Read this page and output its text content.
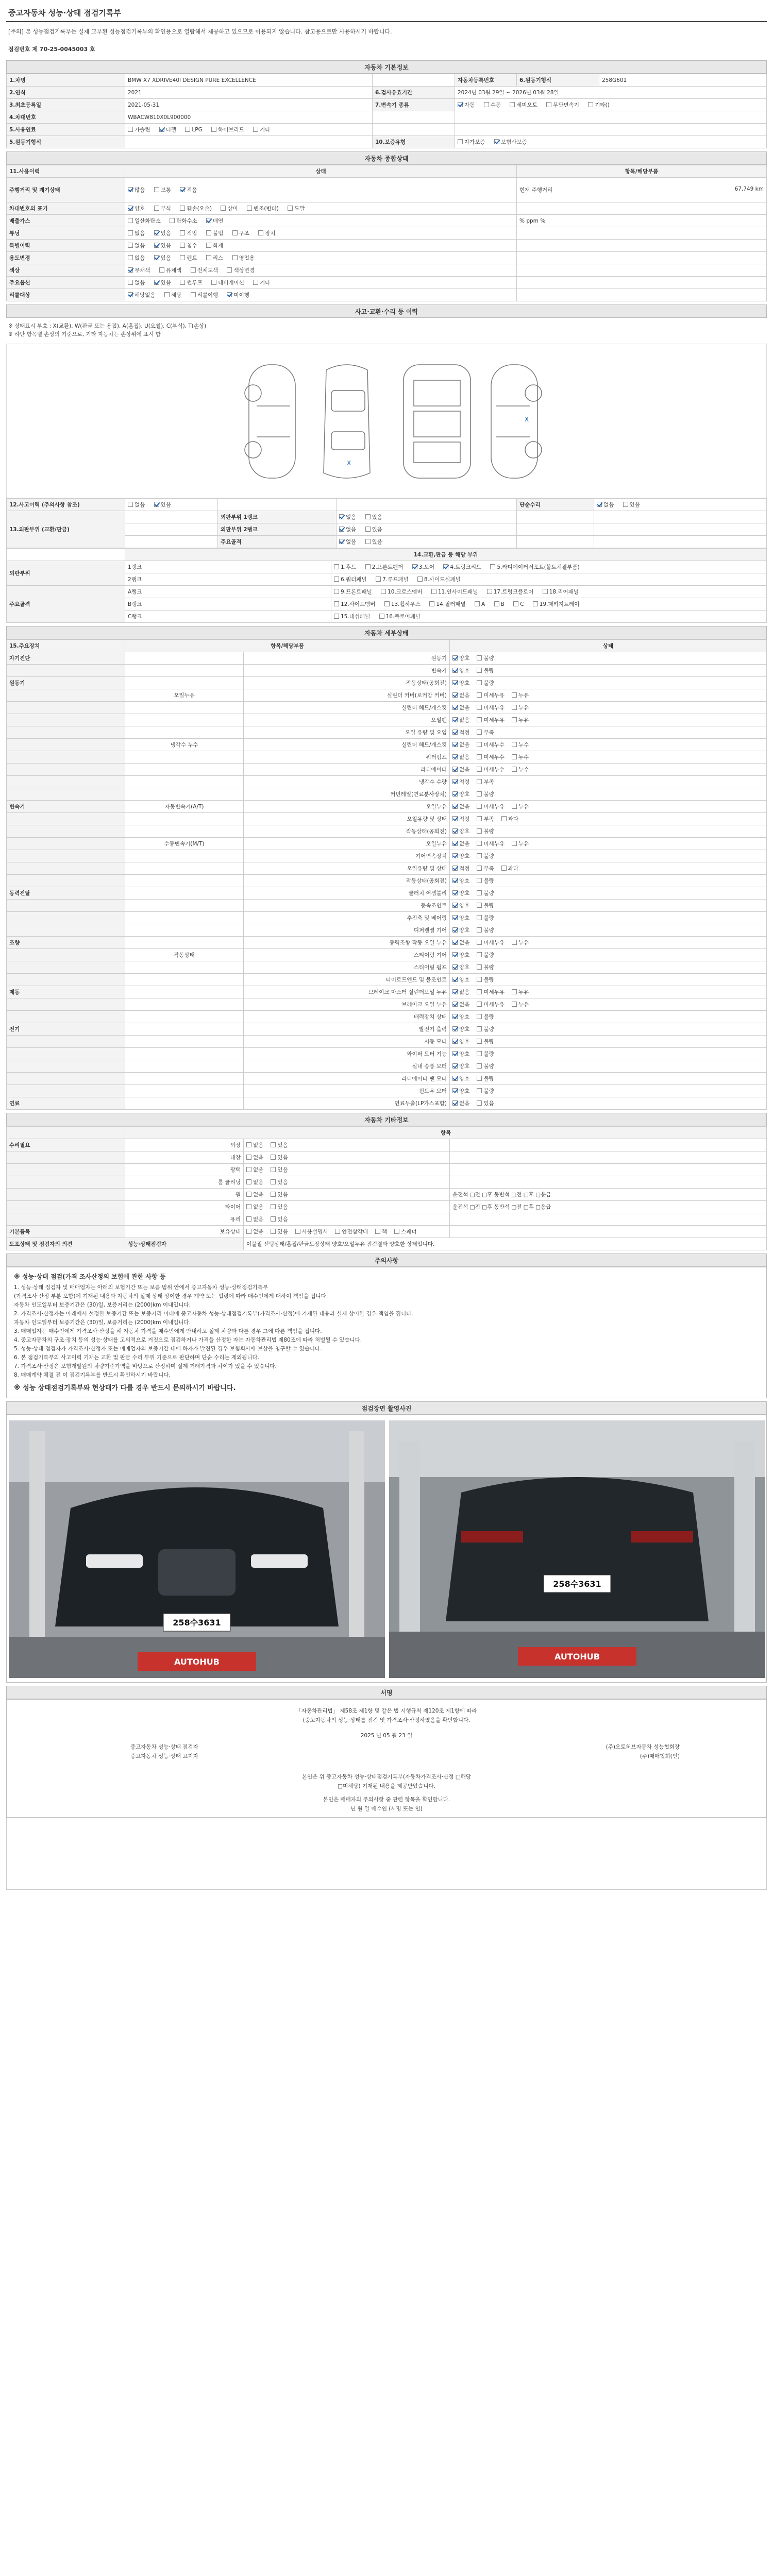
중고자동차 성능·상태 점검기록부
[주의] 본 성능점검기록부는 실제 교부된 성능점검기록부의 확인용으로 열람해서 제공하고 있으므로 이용되지 않습니다. 참고용으로만 사용하시기 바랍니다.
점검번호 제 70-25-0045003 호
자동차 기본정보
1.차명	BMW X7 XDRIVE40I DESIGN PURE EXCELLENCE		자동차등록번호	6.원동기형식	258G601
2.연식	2021	6.검사유효기간	2024년 03월 29일 ~ 2026년 03월 28일		
3.최초등록일	2021-05-31	7.변속기 종류	자동 수동 세미오토 무단변속기 기타()		
4.차대번호	WBACW810X0L900000				
5.사용연료	가솔린 디젤 LPG 하이브리드 기타				
5.원동기형식		10.보증유형	자가보증 보험사보증		
자동차 종합상태
11.사용이력	상태	항목/해당부품
주행거리 및 계기상태	많음 보통 적음	현재 주행거리 67,749 km

차대번호의 표기	양호 부식 훼손(오손) 상이 변조(변타) 도말	
배출가스	일산화탄소 탄화수소 매연	% ppm %
튜닝	없음 있음 적법 불법 구조 장치	
특별이력	없음 있음 침수 화재	
용도변경	없음 있음 렌트 리스 영업용	
색상	무채색 유채색 전체도색 색상변경	
주요옵션	없음 있음 썬루프 네비게이션 기타	
리콜대상	해당없음 해당 리콜이행 미이행	
사고·교환·수리 등 이력
※ 상태표시 부호 : X(교환), W(판금 또는 용접), A(흠집), U(요철), C(부식), T(손상)
※ 하단 항목별 손상의 기준으로, 기타 자동차는 손상위에 표시 함
X
X
12.사고이력 (주의사항 참조)	없음 있음			단순수리	없음 있음
13.외판부위 (교환/판금)		외판부위 1랭크	없음 있음		
		외판부위 2랭크	없음 있음		
		주요골격	없음 있음		
	14.교환,판금 등 해당 부위	
외판부위	1랭크	1.후드 2.프론트펜더 3.도어 4.트렁크리드 5.라디에이터서포트(볼트체결부품)
	2랭크	6.쿼터패널 7.루프패널 8.사이드실패널
주요골격	A랭크	9.프론트패널 10.크로스멤버 11.인사이드패널 17.트렁크플로어 18.리어패널
	B랭크	12.사이드멤버 13.휠하우스 14.필러패널 A B C 19.패키지트레이
	C랭크	15.대쉬패널 16.플로어패널
자동차 세부상태
15.주요장치	항목/해당부품		상태
자기진단		원동기	양호 불량
		변속기	양호 불량
원동기		작동상태(공회전)	양호 불량
	오일누유	실린더 커버(로커암 커버)	없음 미세누유 누유
		실린더 헤드/개스킷	없음 미세누유 누유
		오일팬	없음 미세누유 누유
		오일 유량 및 오염	적정 부족
	냉각수 누수	실린더 헤드/개스킷	없음 미세누수 누수
		워터펌프	없음 미세누수 누수
		라디에이터	없음 미세누수 누수
		냉각수 수량	적정 부족
		커먼레일(연료분사장치)	양호 불량
변속기	자동변속기(A/T)	오일누유	없음 미세누유 누유
		오일유량 및 상태	적정 부족 과다
		작동상태(공회전)	양호 불량
	수동변속기(M/T)	오일누유	없음 미세누유 누유
		기어변속장치	양호 불량
		오일유량 및 상태	적정 부족 과다
		작동상태(공회전)	양호 불량
동력전달		클러치 어셈블리	양호 불량
		등속조인트	양호 불량
		추진축 및 베어링	양호 불량
		디퍼렌셜 기어	양호 불량
조향		동력조향 작동 오일 누유	없음 미세누유 누유
	작동상태	스티어링 기어	양호 불량
		스티어링 펌프	양호 불량
		타이로드엔드 및 볼조인트	양호 불량
제동		브레이크 마스터 실린더오일 누유	없음 미세누유 누유
		브레이크 오일 누유	없음 미세누유 누유
		배력장치 상태	양호 불량
전기		발전기 출력	양호 불량
		시동 모터	양호 불량
		와이퍼 모터 기능	양호 불량
		실내 송풍 모터	양호 불량
		라디에이터 팬 모터	양호 불량
		윈도우 모터	양호 불량
연료		연료누출(LP가스포함)	없음 있음
자동차 기타정보
	항목		
수리필요	외장	없음 있음	
	내장	없음 있음	
	광택	없음 있음	
	룸 클리닝	없음 있음	
	휠	없음 있음	운전석 □전 □후 동반석 □전 □후 □응급
	타이어	없음 있음	운전석 □전 □후 동반석 □전 □후 □응급
	유리	없음 있음	
기본품목	보유상태	없음 있음 사용설명서 안전삼각대 잭 스패너	
도포상태 및 점검자의 의견	성능·상태점검자	이물질 선팅상태/흠집/판금도장상태 양호/오일누유 점검결과 양호한 상태입니다.	
주의사항
※ 성능·상태 점검(가격 조사산정의 보험에 관한 사항 등
1. 성능·상태 점검자 및 매매업자는 아래의 보험기간 또는 보증 범위 안에서 중고자동차 성능·상태점검기록부
(가격조사·산정 부분 포함)에 기재된 내용과 자동차의 실제 상태 상이한 경우 계약 또는 법령에 따라 매수인에게 대하여 책임을 집니다.
자동차 인도일부터 보증기간은 (30)일, 보증거리는 (2000)km 이내입니다.
2. 가격조사·산정자는 아래에서 설정한 보증기간 또는 보증거리 이내에 중고자동차 성능·상태점검기록부(가격조사·산정)에 기재된 내용과 실제 상이한 경우 책임을 집니다.
자동차 인도일부터 보증기간은 (30)일, 보증거리는 (2000)km 이내입니다.
3. 매매업자는 매수인에게 가격조사·산정을 해 자동차 가격을 매수인에게 안내하고 실제 차량과 다른 경우 그에 따른 책임을 집니다.
4. 중고자동차의 구조·장치 등의 성능·상태를 고의적으로 거짓으로 점검하거나 가격을 산정한 자는 자동차관리법 제80조에 따라 처벌될 수 있습니다.
5. 성능·상태 점검자가 가격조사·산정자 또는 매매업자의 보증기간 내에 하자가 발견된 경우 보험회사에 보상을 청구할 수 있습니다.
6. 본 점검기록부의 사고이력 기재는 교환 및 판금 수리 부위 기준으로 판단하며 단순 수리는 제외됩니다.
7. 가격조사·산정은 보험개발원의 차량기준가액을 바탕으로 산정하며 실제 거래가격과 차이가 있을 수 있습니다.
8. 매매계약 체결 전 이 점검기록부를 반드시 확인하시기 바랍니다.
※ 성능 상태점검기록부와 현상태가 다를 경우 반드시 문의하시기 바랍니다.
점검장면 촬영사진
258수3631
AUTOHUB
258수3631
AUTOHUB
서명
「자동차관리법」 제58조 제1항 및 같은 법 시행규칙 제120조 제1항에 따라
(중고자동차의 성능·상태를 점검 및 가격조사·산정하였음을 확인합니다.
2025 년 05 월 23 일
중고자동차 성능·상태 점검자	(주)오토허브자동차 성능협회장
중고자동차 성능·상태 고지자	(주)매매협회(인)
본인은 위 중고자동차 성능·상태점검기록부(자동차가격조사·산정 □해당
□미해당) 기재된 내용을 제공받았습니다.
본인은 매매자의 주의사항 중 관련 항목을 확인합니다.
년 월 일 매수인 (서명 또는 인)
